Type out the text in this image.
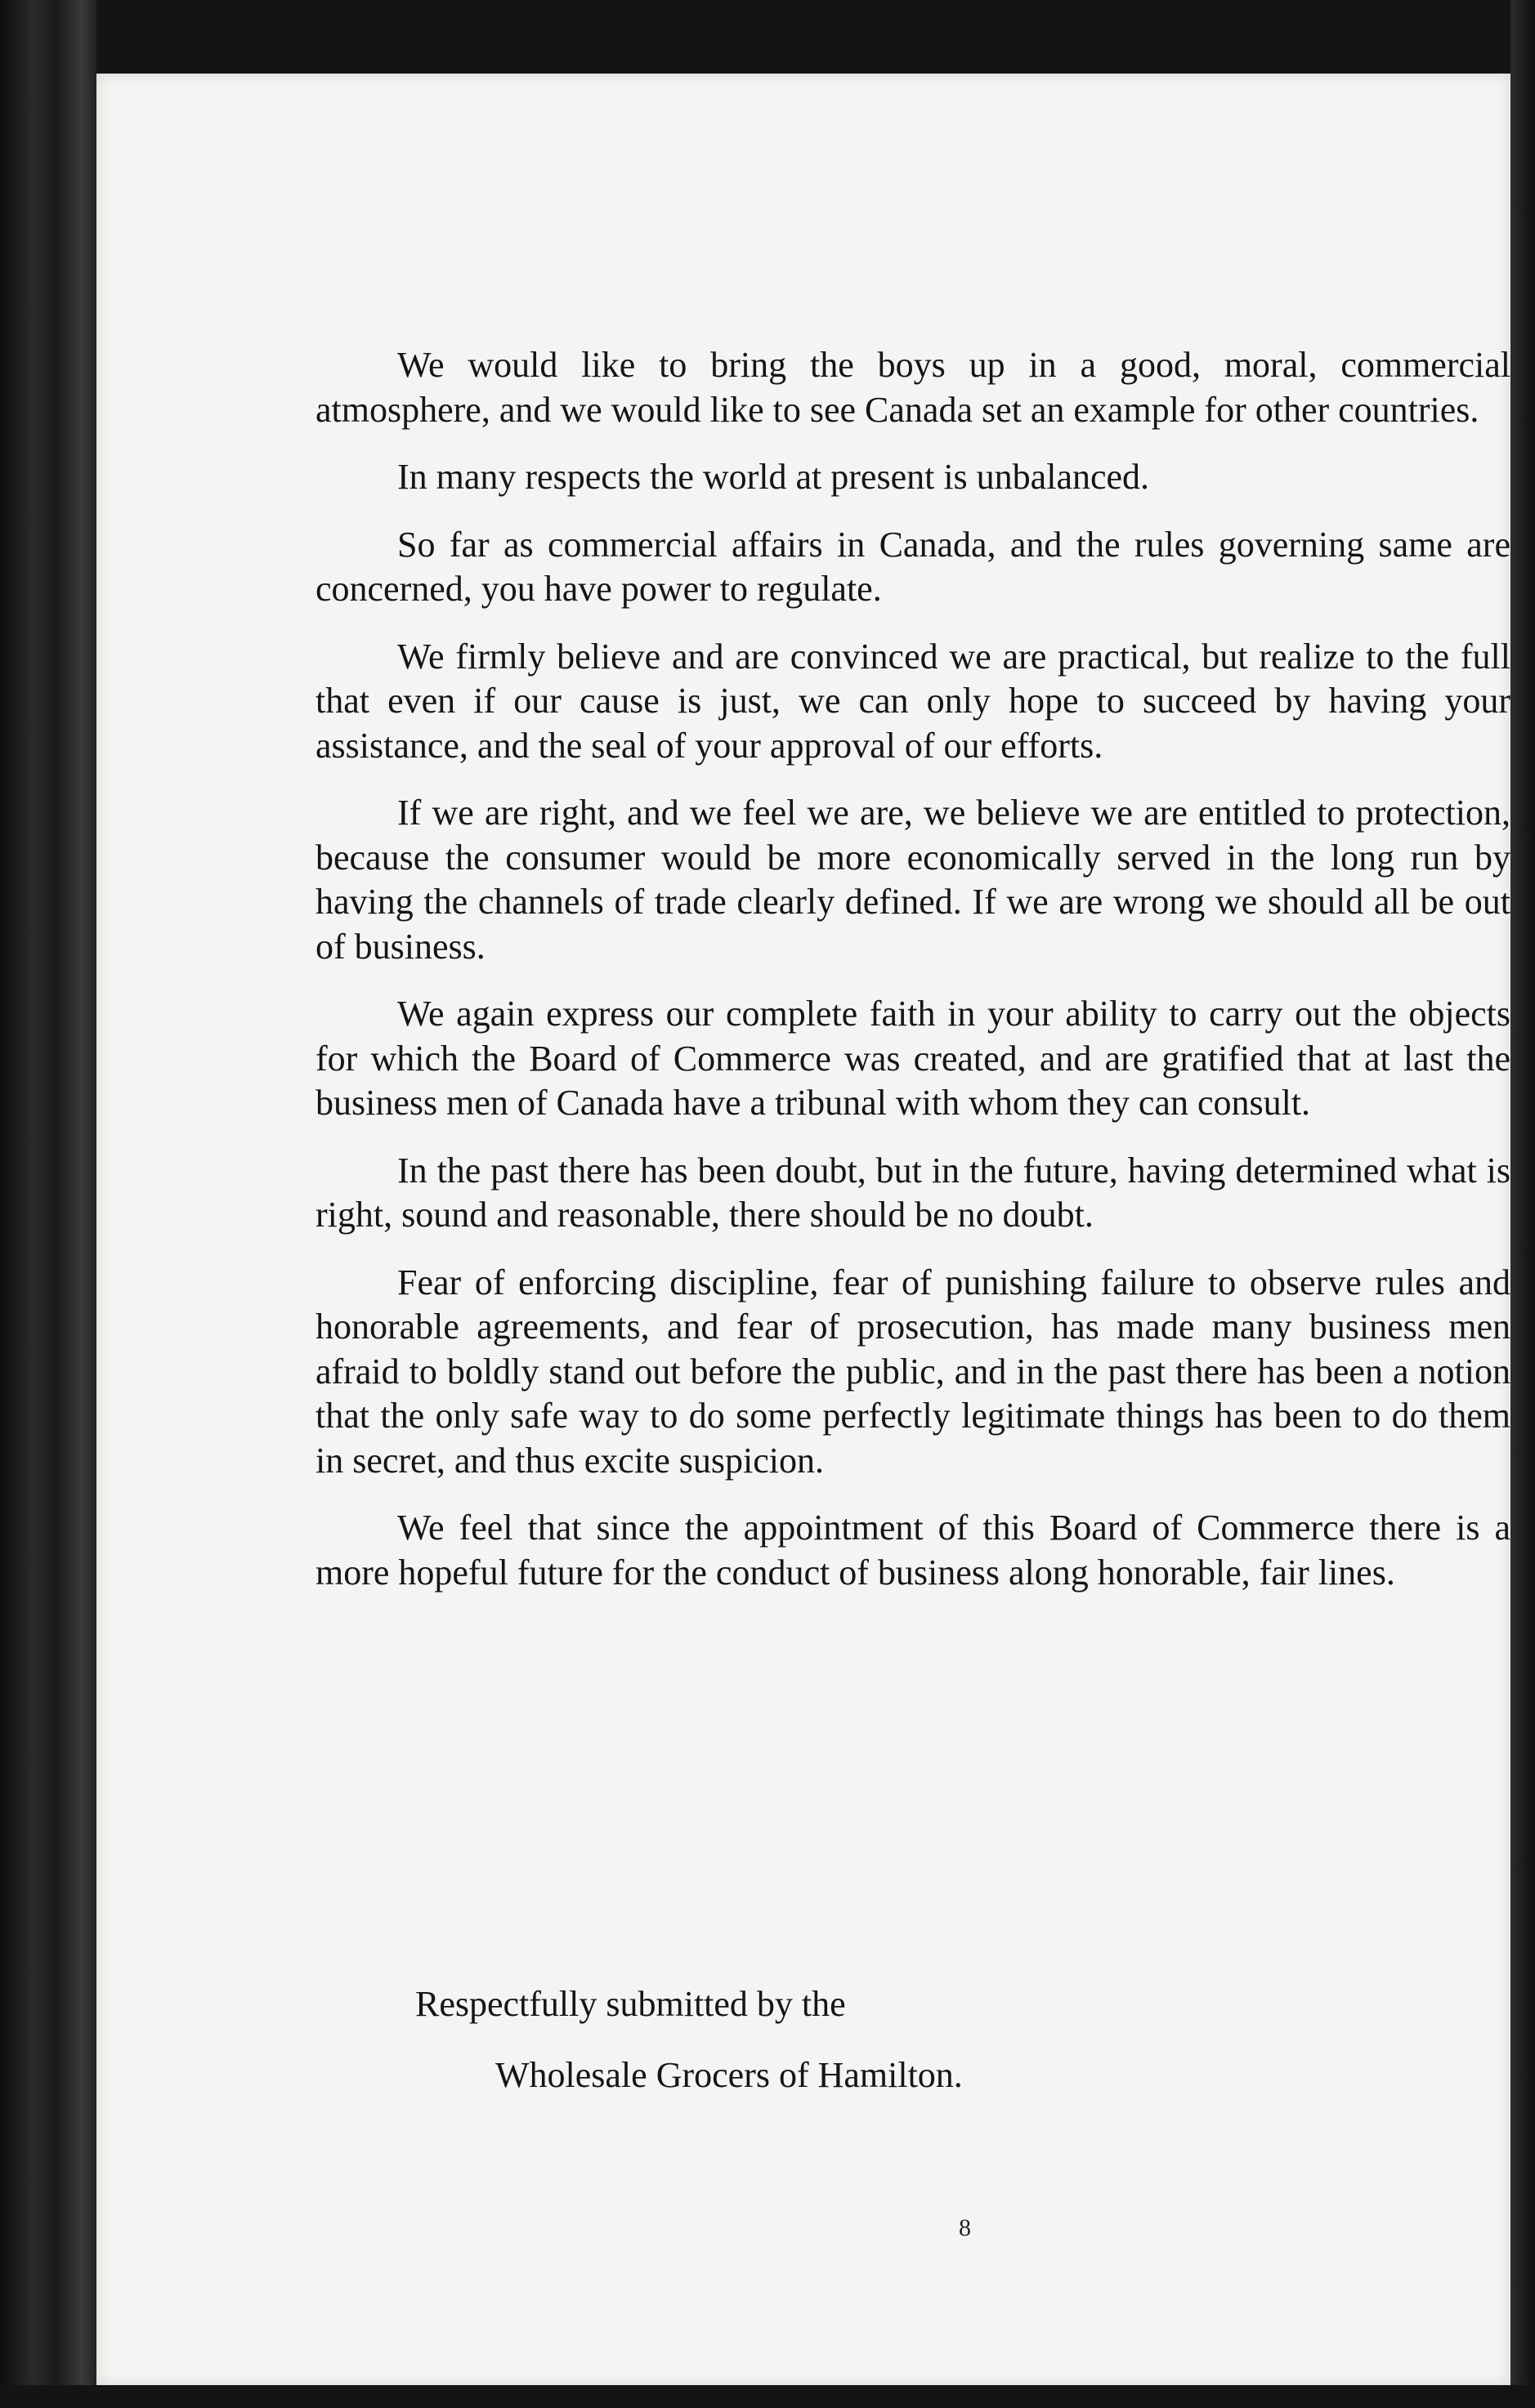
We would like to bring the boys up in a good, moral, commercial atmosphere, and we would like to see Canada set an example for other countries.

In many respects the world at present is unbalanced.

So far as commercial affairs in Canada, and the rules governing same are concerned, you have power to regulate.

We firmly believe and are convinced we are practical, but realize to the full that even if our cause is just, we can only hope to succeed by having your assistance, and the seal of your approval of our efforts.

If we are right, and we feel we are, we believe we are entitled to protection, because the consumer would be more economically served in the long run by having the channels of trade clearly defined. If we are wrong we should all be out of business.

We again express our complete faith in your ability to carry out the objects for which the Board of Commerce was created, and are gratified that at last the business men of Canada have a tribunal with whom they can consult.

In the past there has been doubt, but in the future, having determined what is right, sound and reasonable, there should be no doubt.

Fear of enforcing discipline, fear of punishing failure to observe rules and honorable agreements, and fear of prosecution, has made many business men afraid to boldly stand out before the public, and in the past there has been a notion that the only safe way to do some perfectly legitimate things has been to do them in secret, and thus excite suspicion.

We feel that since the appointment of this Board of Commerce there is a more hopeful future for the conduct of business along honorable, fair lines.

Respectfully submitted by the
Wholesale Grocers of Hamilton.
8
